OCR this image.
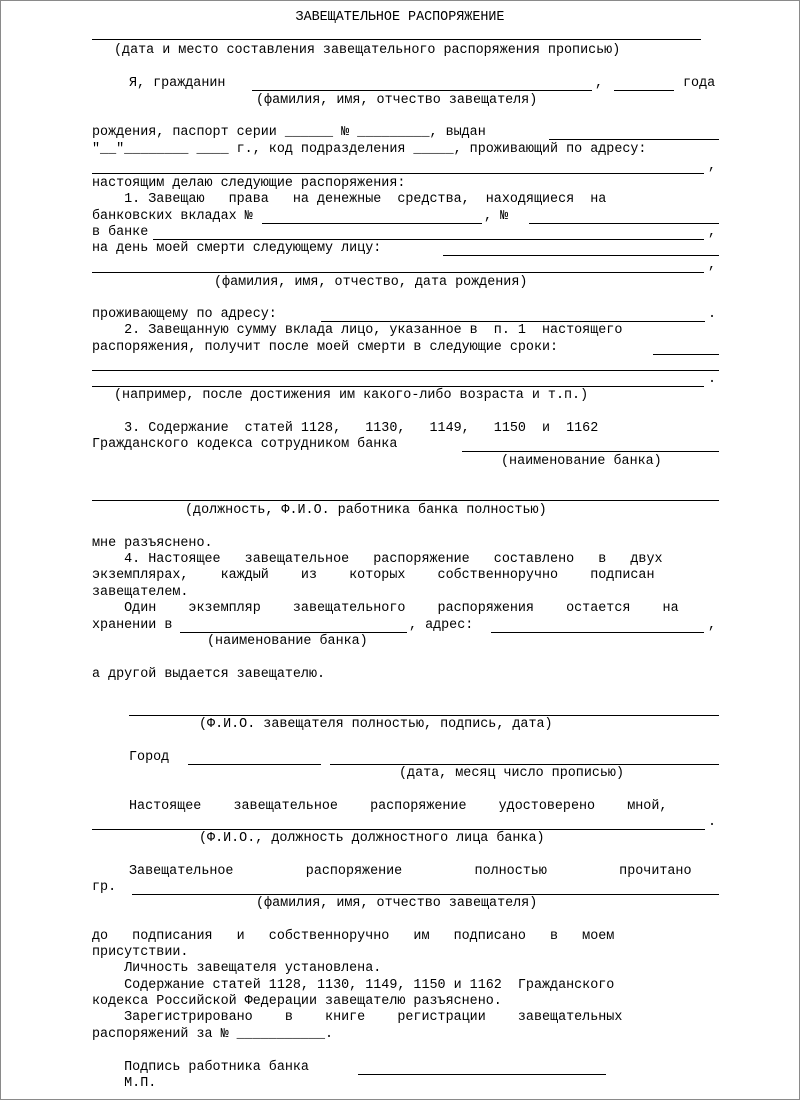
ЗАВЕЩАТЕЛЬНОЕ РАСПОРЯЖЕНИЕ
(дата и место составления завещательного распоряжения прописью)
Я, гражданин	,	года
(фамилия, имя, отчество завещателя)
рождения, паспорт серии ______ № _________, выдан
"__"________ ____ г., код подразделения _____, проживающий по адресу:
,
настоящим делаю следующие распоряжения:
1. Завещаю   права   на денежные  средства,  находящиеся  на
банковских вкладах №	, №
в банке	,
на день моей смерти следующему лицу:
,
(фамилия, имя, отчество, дата рождения)
проживающему по адресу:	.
2. Завещанную сумму вклада лицо, указанное в  п. 1  настоящего
распоряжения, получит после моей смерти в следующие сроки:
.
(например, после достижения им какого-либо возраста и т.п.)
3. Содержание  статей 1128,   1130,   1149,   1150  и  1162
Гражданского кодекса сотрудником банка
(наименование банка)
(должность, Ф.И.О. работника банка полностью)
мне разъяснено.
4. Настоящее   завещательное   распоряжение   составлено   в   двух
экземплярах,    каждый    из    которых    собственноручно    подписан
завещателем.
Один    экземпляр    завещательного    распоряжения    остается    на
хранении в	, адрес:	,
(наименование банка)
а другой выдается завещателю.
(Ф.И.О. завещателя полностью, подпись, дата)
Город
(дата, месяц число прописью)
Настоящее    завещательное    распоряжение    удостоверено    мной,
.
(Ф.И.О., должность должностного лица банка)
Завещательное         распоряжение         полностью         прочитано
гр.
(фамилия, имя, отчество завещателя)
до   подписания   и   собственноручно   им   подписано   в   моем
присутствии.
Личность завещателя установлена.
Содержание статей 1128, 1130, 1149, 1150 и 1162  Гражданского
кодекса Российской Федерации завещателю разъяснено.
Зарегистрировано    в    книге    регистрации    завещательных
распоряжений за № ___________.
Подпись работника банка
М.П.
